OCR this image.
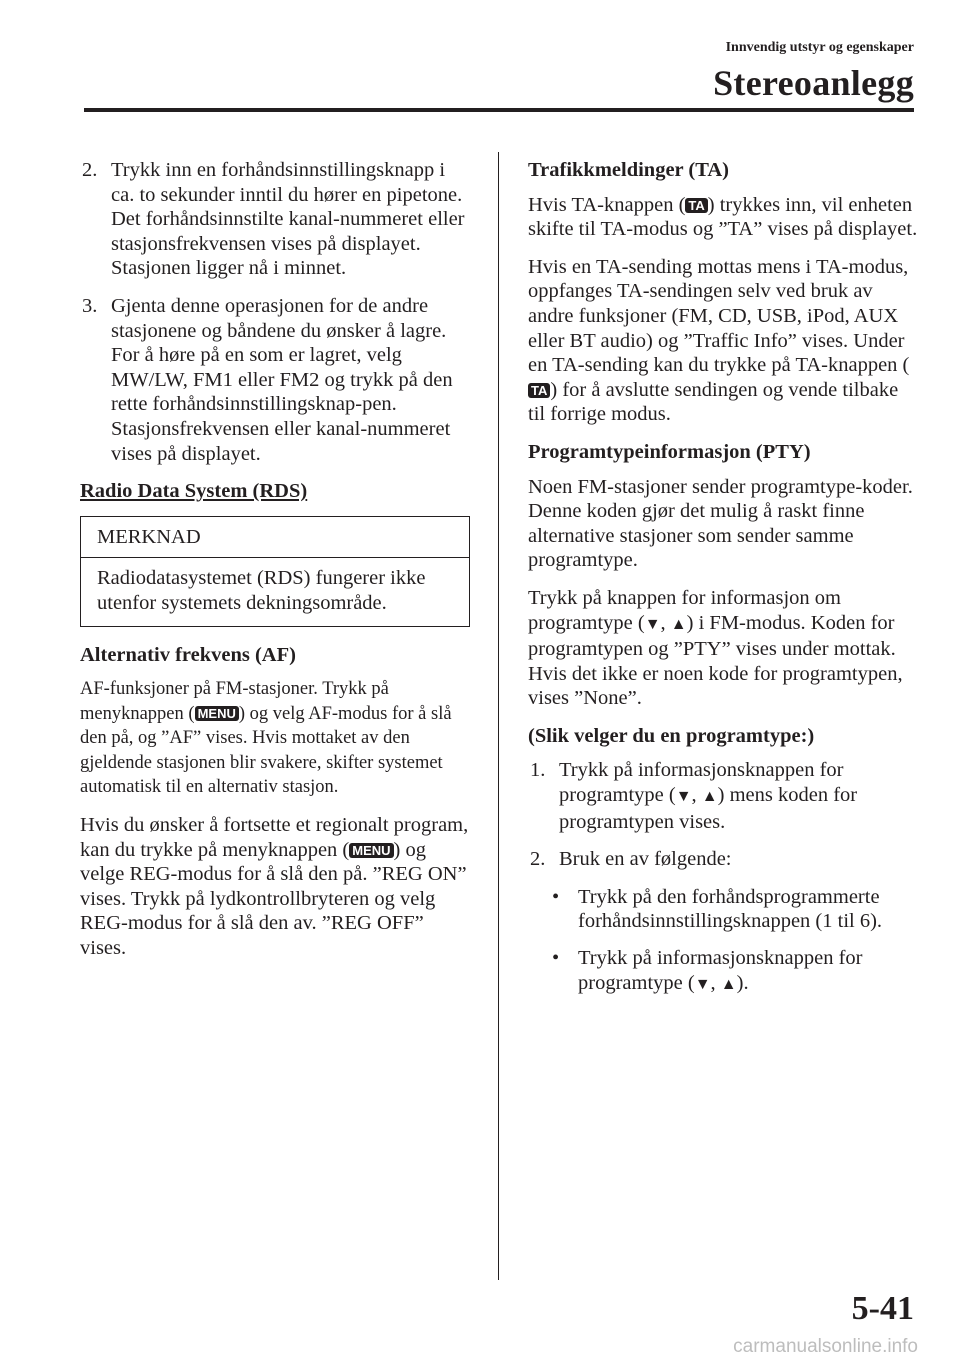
Innvendig utstyr og egenskaper
Stereoanlegg
2. Trykk inn en forhåndsinnstillingsknapp i ca. to sekunder inntil du hører en pipetone. Det forhåndsinnstilte kanal-nummeret eller stasjonsfrekvensen vises på displayet. Stasjonen ligger nå i minnet.
3. Gjenta denne operasjonen for de andre stasjonene og båndene du ønsker å lagre. For å høre på en som er lagret, velg MW/LW, FM1 eller FM2 og trykk på den rette forhåndsinnstillingsknap-pen. Stasjonsfrekvensen eller kanal-nummeret vises på displayet.
Radio Data System (RDS)
MERKNAD
Radiodatasystemet (RDS) fungerer ikke utenfor systemets dekningsområde.
Alternativ frekvens (AF)

AF-funksjoner på FM-stasjoner. Trykk på menyknappen ( MENU ) og velg AF-modus for å slå den på, og ”AF” vises. Hvis mottaket av den gjeldende stasjonen blir svakere, skifter systemet automatisk til en alternativ stasjon.

Hvis du ønsker å fortsette et regionalt program, kan du trykke på menyknappen ( MENU ) og velge REG-modus for å slå den på. ”REG ON” vises. Trykk på lydkontrollbryteren og velg REG-modus for å slå den av. ”REG OFF” vises.

Trafikkmeldinger (TA)

Hvis TA-knappen ( TA ) trykkes inn, vil enheten skifte til TA-modus og ”TA” vises på displayet.

Hvis en TA-sending mottas mens i TA-modus, oppfanges TA-sendingen selv ved bruk av andre funksjoner (FM, CD, USB, iPod, AUX eller BT audio) og ”Traffic Info” vises. Under en TA-sending kan du trykke på TA-knappen (TA ) for å avslutte sendingen og vende tilbake til forrige modus.

Programtypeinformasjon (PTY)

Noen FM-stasjoner sender programtype-koder. Denne koden gjør det mulig å raskt finne alternative stasjoner som sender samme programtype.

Trykk på knappen for informasjon om programtype (▼, ▲) i FM-modus. Koden for programtypen og ”PTY” vises under mottak. Hvis det ikke er noen kode for programtypen, vises ”None”.

(Slik velger du en programtype:)
1. Trykk på informasjonsknappen for programtype (▼, ▲) mens koden for programtypen vises.
2. Bruk en av følgende:
• Trykk på den forhåndsprogrammerte forhåndsinnstillingsknappen (1 til 6).
• Trykk på informasjonsknappen for programtype (▼, ▲).
5-41
carmanualsonline.info
